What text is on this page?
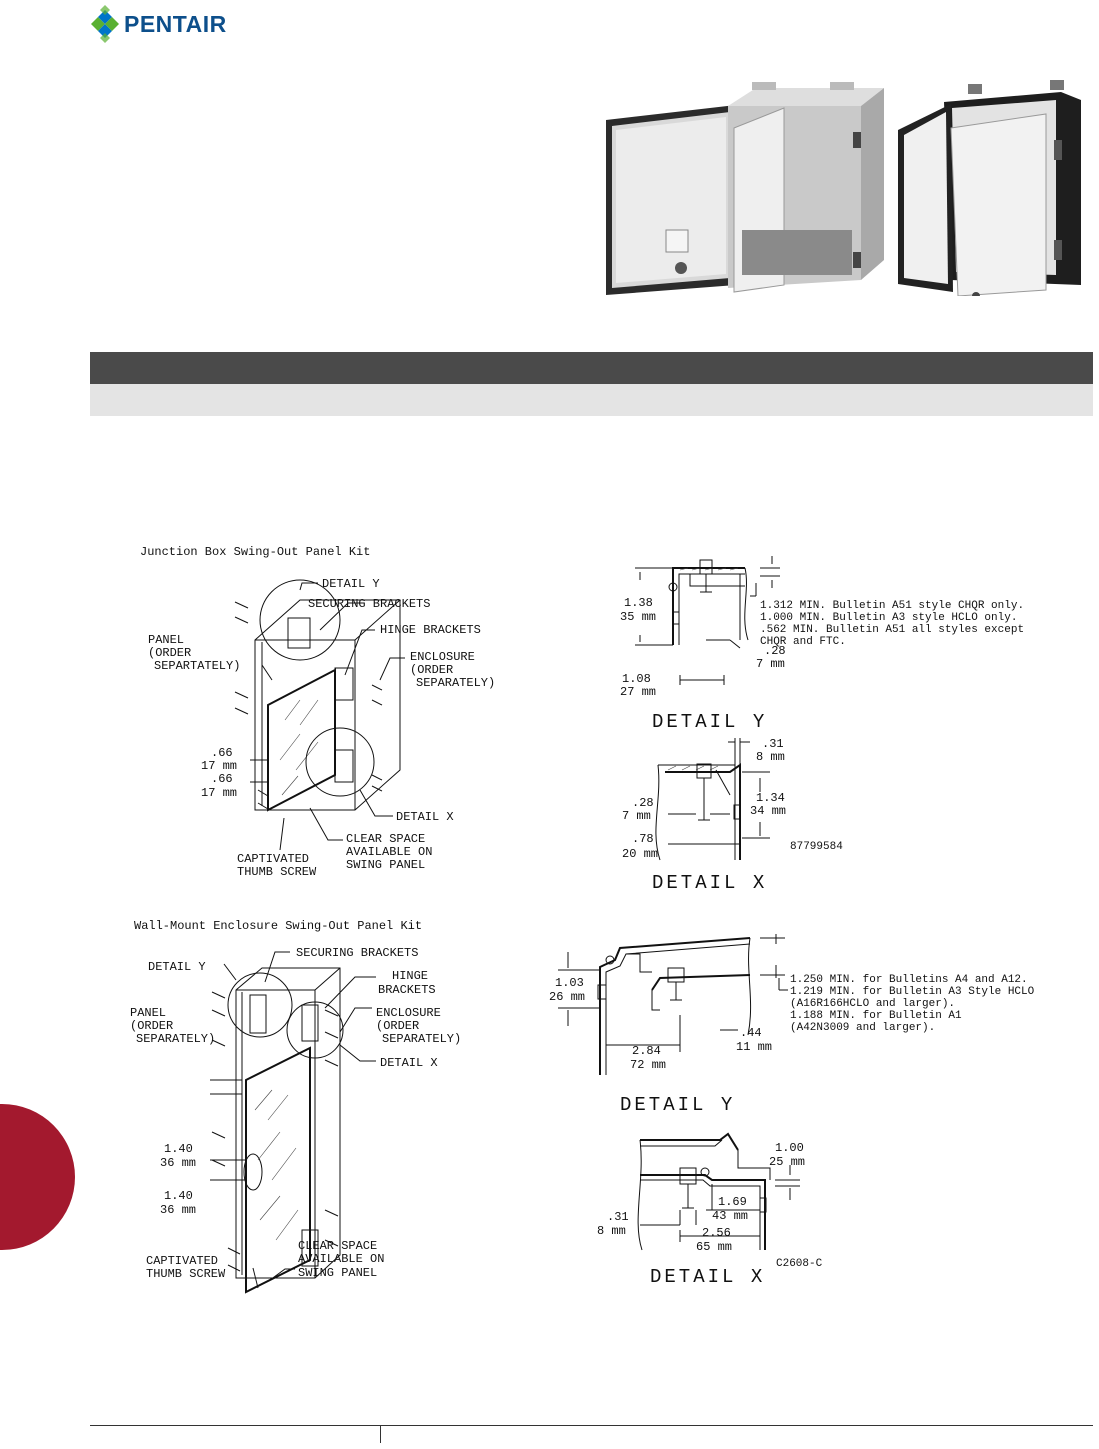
PENTAIR
Junction Box Swing-Out Panel Kit
DETAIL Y
SECURING BRACKETS
HINGE BRACKETS
PANEL
(ORDER
SEPARTATELY)
ENCLOSURE
(ORDER
SEPARATELY)
.66
17 mm
.66
17 mm
DETAIL X
CLEAR SPACE
AVAILABLE ON
SWING PANEL
CAPTIVATED
THUMB SCREW
1.38
35 mm
1.312 MIN. Bulletin A51 style CHQR only.
1.000 MIN. Bulletin A3 style HCLO only.
.562 MIN. Bulletin A51 all styles except
CHQR and FTC.
.28
7 mm
1.08
27 mm
DETAIL Y
.31
8 mm
1.34
34 mm
.28
7 mm
.78
20 mm	87799584
DETAIL X
Wall-Mount Enclosure Swing-Out Panel Kit
SECURING BRACKETS
DETAIL Y
HINGE
BRACKETS
PANEL
(ORDER
SEPARATELY)
ENCLOSURE
(ORDER
SEPARATELY)
DETAIL X
1.40
36 mm
1.40
36 mm
CLEAR SPACE
AVAILABLE ON
SWING PANEL
CAPTIVATED
THUMB SCREW
1.03
26 mm
1.250 MIN. for Bulletins A4 and A12.
1.219 MIN. for Bulletin A3 Style HCLO
(A16R166HCLO and larger).
1.188 MIN. for Bulletin A1
(A42N3009 and larger).
.44
11 mm
2.84
72 mm
DETAIL Y
1.00
25 mm
1.69
43 mm
.31
8 mm	2.56
65 mm
C2608-C
DETAIL X
